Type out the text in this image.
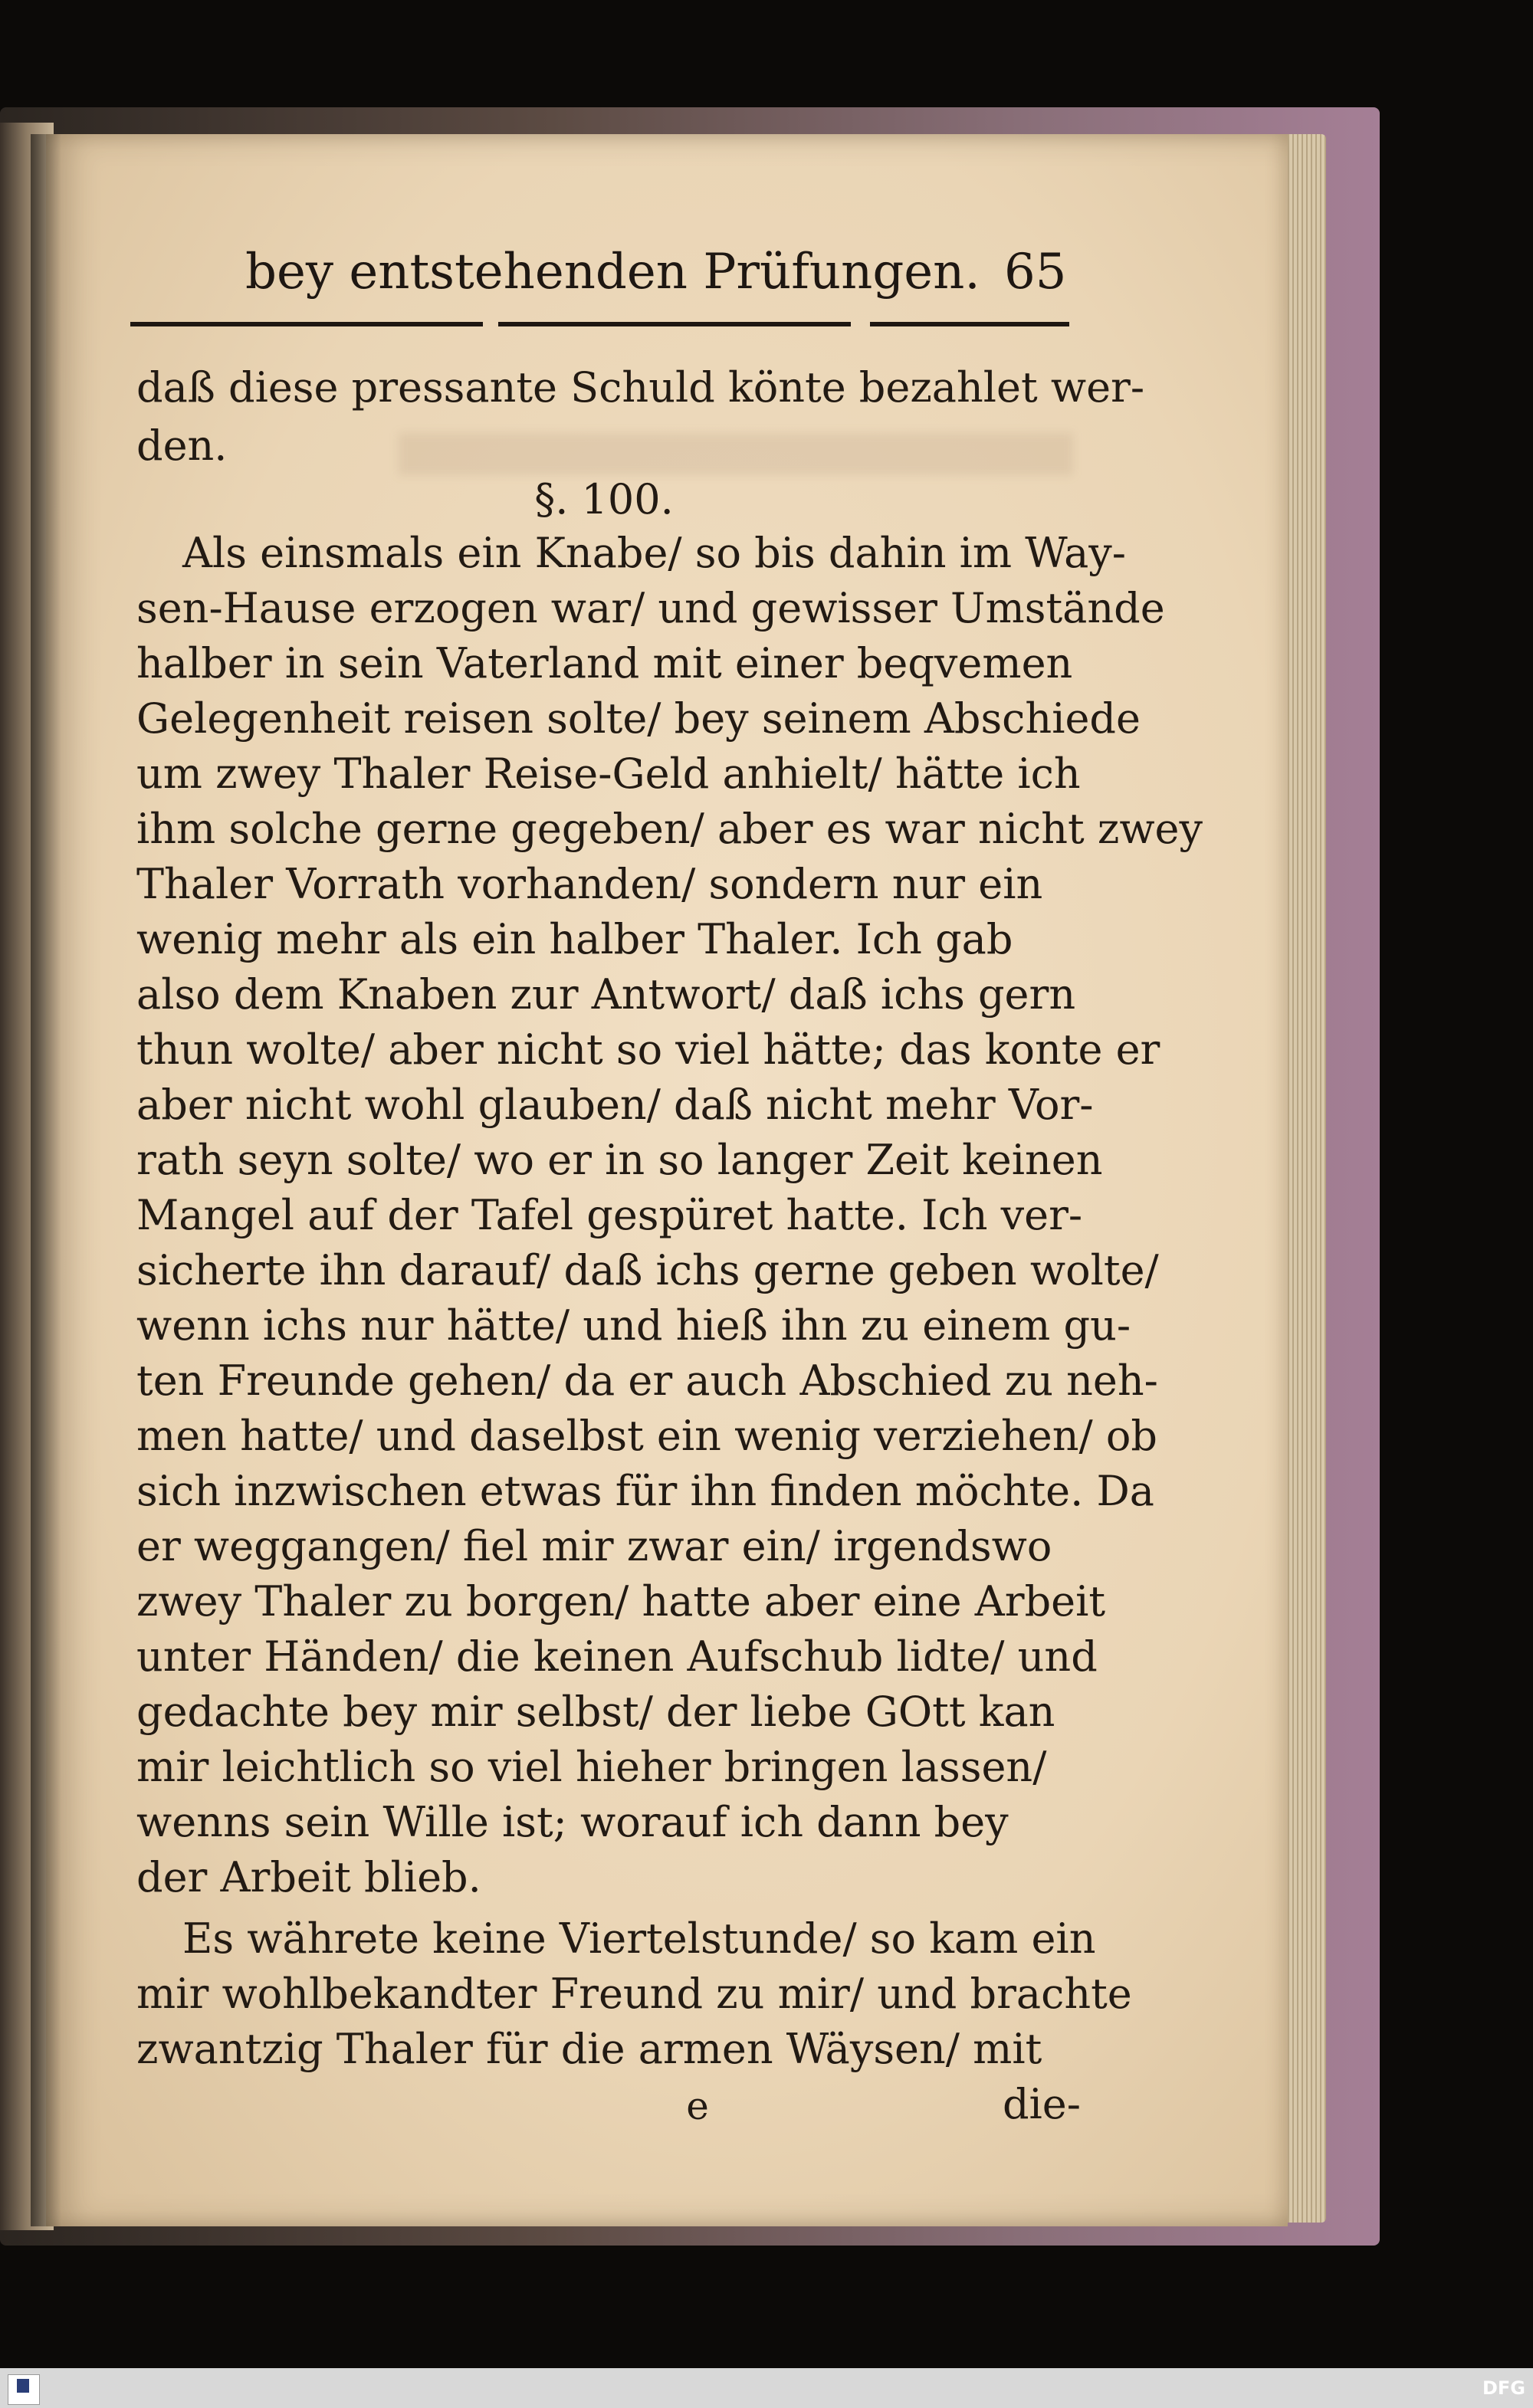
bey entstehenden Prüfungen. 65
daß diese pressante Schuld könte bezahlet wer-
den.
§. 100.
Als einsmals ein Knabe/ so bis dahin im Way-
sen-Hause erzogen war/ und gewisser Umstände
halber in sein Vaterland mit einer beqvemen
Gelegenheit reisen solte/ bey seinem Abschiede
um zwey Thaler Reise-Geld anhielt/ hätte ich
ihm solche gerne gegeben/ aber es war nicht zwey
Thaler Vorrath vorhanden/ sondern nur ein
wenig mehr als ein halber Thaler. Ich gab
also dem Knaben zur Antwort/ daß ichs gern
thun wolte/ aber nicht so viel hätte; das konte er
aber nicht wohl glauben/ daß nicht mehr Vor-
rath seyn solte/ wo er in so langer Zeit keinen
Mangel auf der Tafel gespüret hatte. Ich ver-
sicherte ihn darauf/ daß ichs gerne geben wolte/
wenn ichs nur hätte/ und hieß ihn zu einem gu-
ten Freunde gehen/ da er auch Abschied zu neh-
men hatte/ und daselbst ein wenig verziehen/ ob
sich inzwischen etwas für ihn finden möchte. Da
er weggangen/ fiel mir zwar ein/ irgendswo
zwey Thaler zu borgen/ hatte aber eine Arbeit
unter Händen/ die keinen Aufschub lidte/ und
gedachte bey mir selbst/ der liebe GOtt kan
mir leichtlich so viel hieher bringen lassen/
wenns sein Wille ist; worauf ich dann bey
der Arbeit blieb.
Es währete keine Viertelstunde/ so kam ein
mir wohlbekandter Freund zu mir/ und brachte
zwantzig Thaler für die armen Wäysen/ mit
e	die-
DFG
